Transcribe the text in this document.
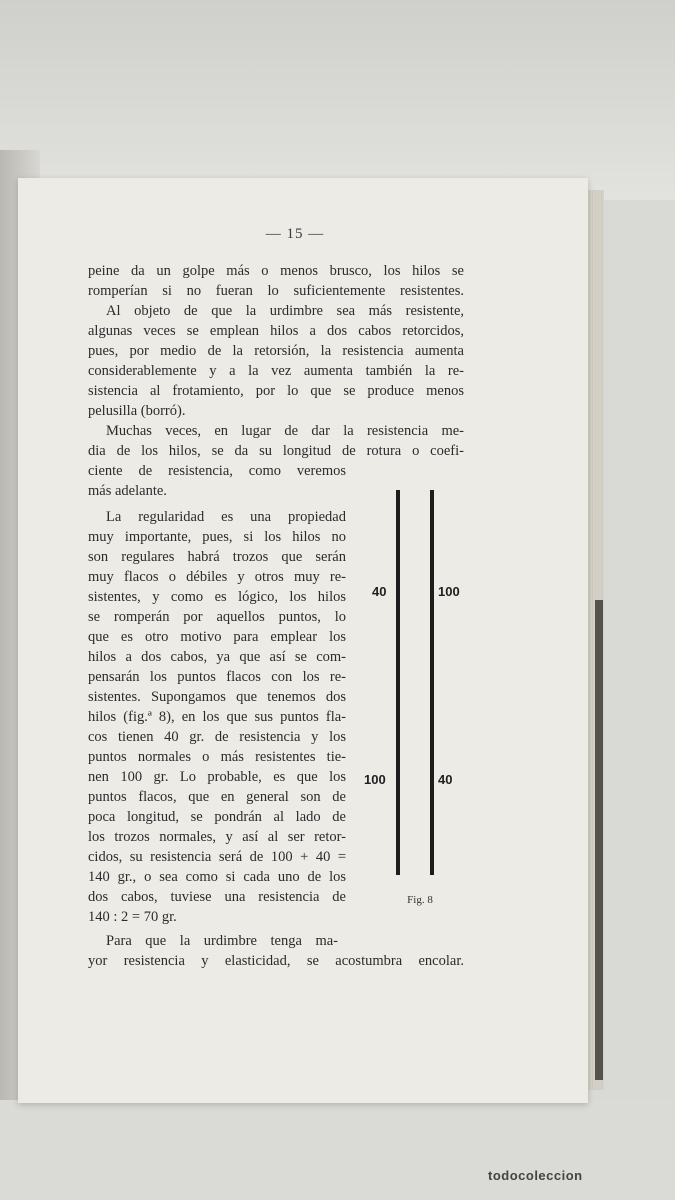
— 15 —
peine da un golpe más o menos brusco, los hilos se
romperían si no fueran lo suficientemente resistentes.
Al objeto de que la urdimbre sea más resistente,
algunas veces se emplean hilos a dos cabos retorcidos,
pues, por medio de la retorsión, la resistencia aumenta
considerablemente y a la vez aumenta también la re-
sistencia al frotamiento, por lo que se produce menos
pelusilla (borró).
Muchas veces, en lugar de dar la resistencia me-
dia de los hilos, se da su longitud de rotura o coefi-
ciente de resistencia, como veremos
más adelante.
La regularidad es una propiedad
muy importante, pues, si los hilos no
son regulares habrá trozos que serán
muy flacos o débiles y otros muy re-
sistentes, y como es lógico, los hilos
se romperán por aquellos puntos, lo
que es otro motivo para emplear los
hilos a dos cabos, ya que así se com-
pensarán los puntos flacos con los re-
sistentes. Supongamos que tenemos dos
hilos (fig.ª 8), en los que sus puntos fla-
cos tienen 40 gr. de resistencia y los
puntos normales o más resistentes tie-
nen 100 gr. Lo probable, es que los
puntos flacos, que en general son de
poca longitud, se pondrán al lado de
los trozos normales, y así al ser retor-
cidos, su resistencia será de 100 + 40 =
140 gr., o sea como si cada uno de los
dos cabos, tuviese una resistencia de
140 : 2 = 70 gr.
Para que la urdimbre tenga ma-
yor resistencia y elasticidad, se acostumbra encolar.
40	100
100	40
Fig. 8
todocoleccion
